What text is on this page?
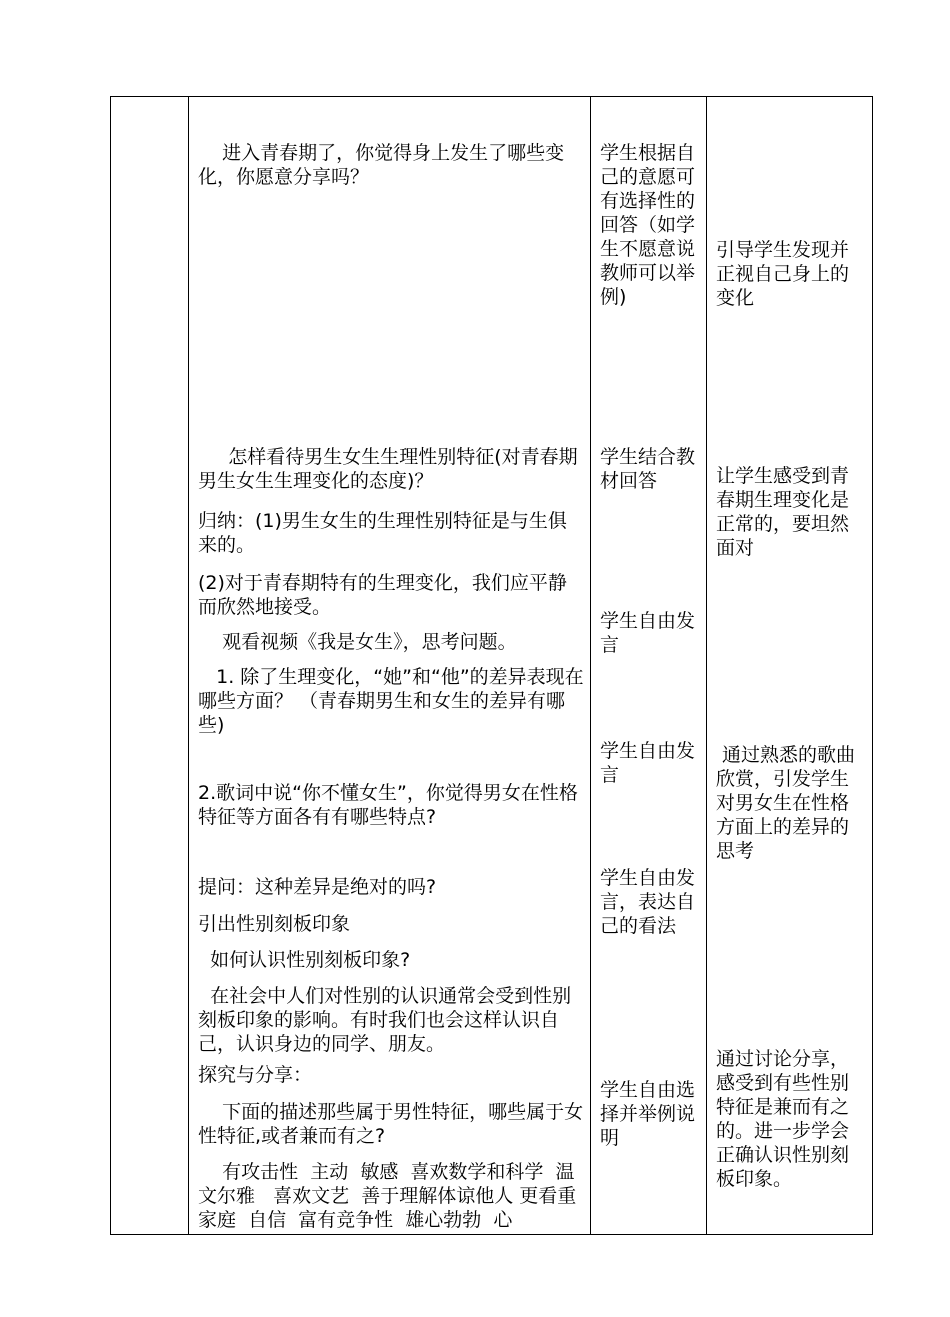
进入青春期了，你觉得身上发生了哪些变化，你愿意分享吗？

怎样看待男生女生生理性别特征(对青春期男生女生生理变化的态度)？

归纳：(1)男生女生的生理性别特征是与生俱来的。

(2)对于青春期特有的生理变化，我们应平静而欣然地接受。

观看视频《我是女生》，思考问题。

1. 除了生理变化，“她”和“他”的差异表现在哪些方面？ （青春期男生和女生的差异有哪些)

2.歌词中说“你不懂女生”，你觉得男女在性格特征等方面各有有哪些特点?

提问：这种差异是绝对的吗?

引出性别刻板印象

如何认识性别刻板印象?

在社会中人们对性别的认识通常会受到性别刻板印象的影响。有时我们也会这样认识自己，认识身边的同学、朋友。

探究与分享：

下面的描述那些属于男性特征，哪些属于女性特征,或者兼而有之?

有攻击性  主动  敏感  喜欢数学和科学  温文尔雅   喜欢文艺  善于理解体谅他人 更看重家庭  自信  富有竞争性  雄心勃勃  心

学生根据自己的意愿可有选择性的回答（如学生不愿意说教师可以举例)

学生结合教材回答

学生自由发言

学生自由发言

学生自由发言，表达自己的看法

学生自由选择并举例说明

引导学生发现并正视自己身上的变化

让学生感受到青春期生理变化是正常的，要坦然面对

通过熟悉的歌曲欣赏，引发学生对男女生在性格方面上的差异的思考

通过讨论分享，感受到有些性别特征是兼而有之的。进一步学会正确认识性别刻板印象。
